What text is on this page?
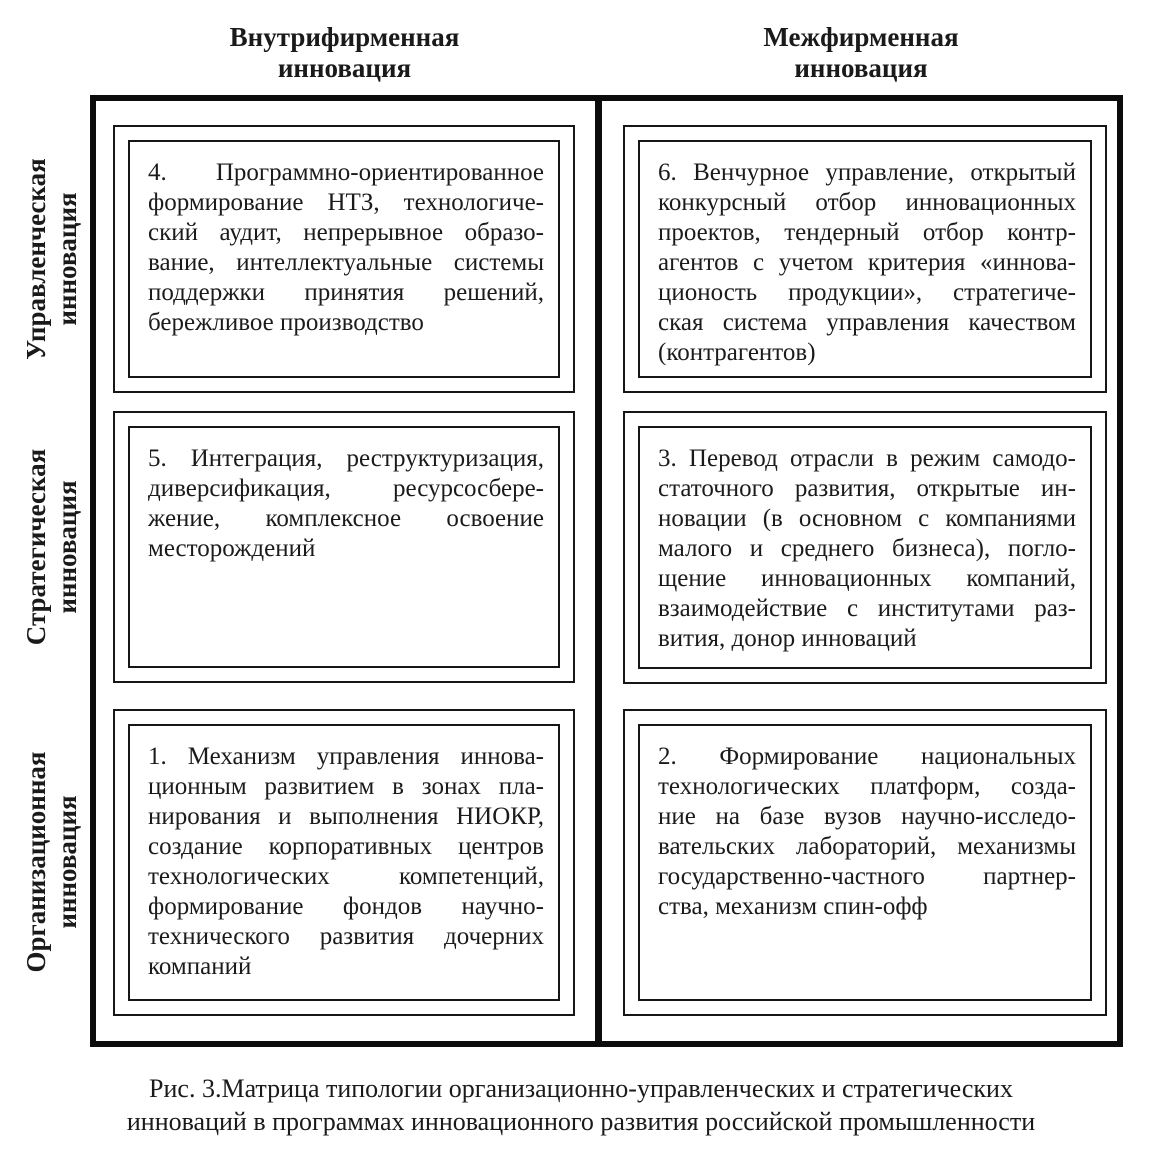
Внутрифирменная
инновация
Межфирменная
инновация
Управленческая инновация
Стратегическая инновация
Организационная инновация
4. Программно-ориентированное
формирование НТЗ, технологиче-
ский аудит, непрерывное образо-
вание, интеллектуальные системы
поддержки принятия решений,
бережливое производство
6. Венчурное управление, открытый
конкурсный отбор инновационных
проектов, тендерный отбор контр-
агентов с учетом критерия «иннова-
ционость продукции», стратегиче-
ская система управления качеством
(контрагентов)
5. Интеграция, реструктуризация,
диверсификация, ресурсосбере-
жение, комплексное освоение
месторождений
3. Перевод отрасли в режим самодо-
статочного развития, открытые ин-
новации (в основном с компаниями
малого и среднего бизнеса), погло-
щение инновационных компаний,
взаимодействие с институтами раз-
вития, донор инноваций
1. Механизм управления иннова-
ционным развитием в зонах пла-
нирования и выполнения НИОКР,
создание корпоративных центров
технологических компетенций,
формирование фондов научно-
технического развития дочерних
компаний
2. Формирование национальных
технологических платформ, созда-
ние на базе вузов научно-исследо-
вательских лабораторий, механизмы
государственно-частного партнер-
ства, механизм спин-офф
Рис. 3.Матрица типологии организационно-управленческих и стратегических
инноваций в программах инновационного развития российской промышленности
